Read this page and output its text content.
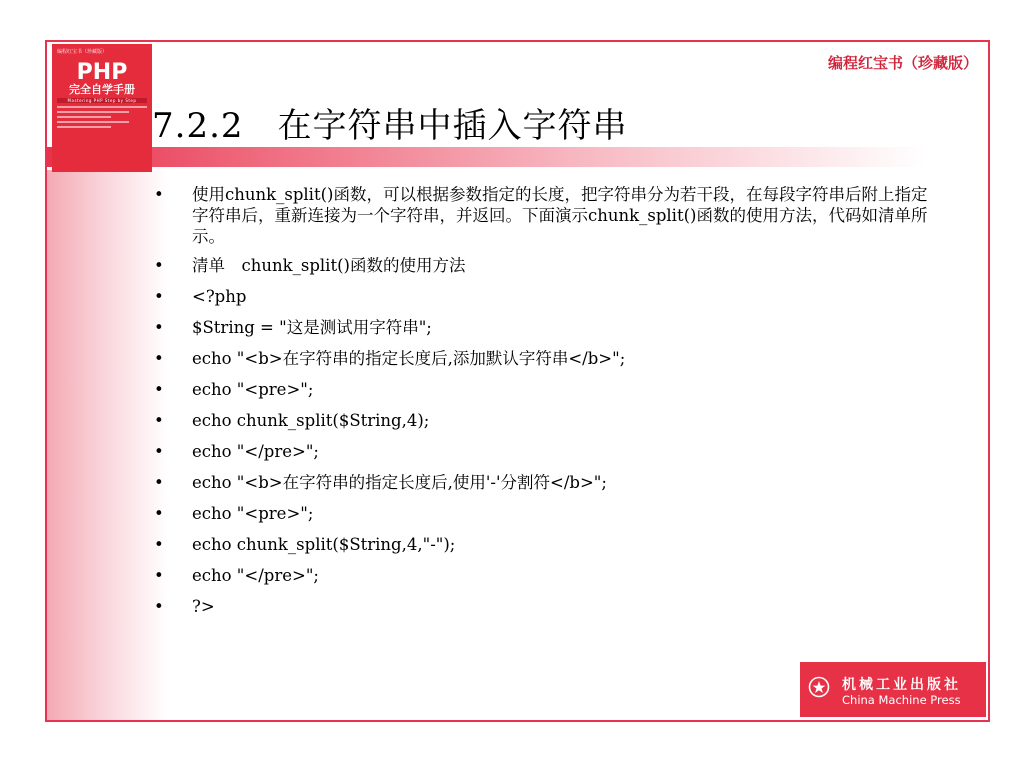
编程红宝书（珍藏版）
PHP
完全自学手册
Mastering PHP Step by Step
编程红宝书（珍藏版）
7.2.2 在字符串中插入字符串
• 使用chunk_split()函数，可以根据参数指定的长度，把字符串分为若干段，在每段字符串后附上指定字符串后，重新连接为一个字符串，并返回。下面演示chunk_split()函数的使用方法，代码如清单所示。
• 清单　chunk_split()函数的使用方法
• <?php
• $String = "这是测试用字符串";
• echo "<b>在字符串的指定长度后,添加默认字符串</b>";
• echo "<pre>";
• echo chunk_split($String,4);
• echo "</pre>";
• echo "<b>在字符串的指定长度后,使用'-'分割符</b>";
• echo "<pre>";
• echo chunk_split($String,4,"-");
• echo "</pre>";
• ?>
机械工业出版社
China Machine Press
